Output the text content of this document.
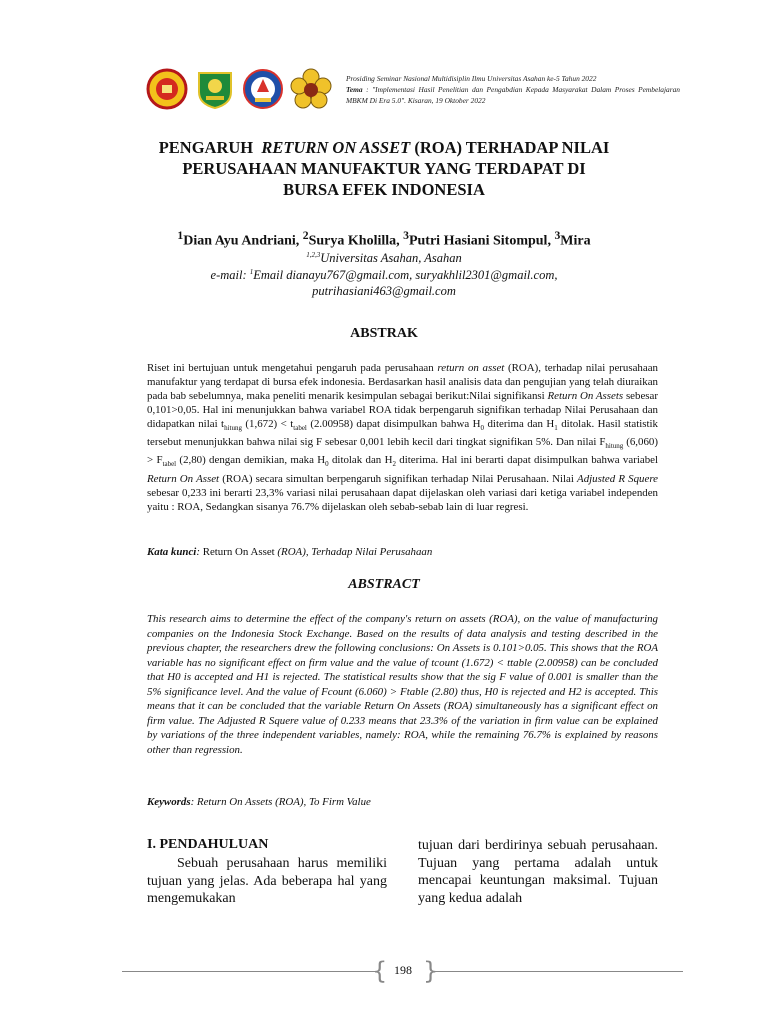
Prosiding Seminar Nasional Multidisiplin Ilmu Universitas Asahan ke-5 Tahun 2022
Tema : "Implementasi Hasil Penelitian dan Pengabdian Kepada Masyarakat Dalam Proses Pembelajaran MBKM Di Era 5.0". Kisaran, 19 Oktober 2022
PENGARUH RETURN ON ASSET (ROA) TERHADAP NILAI
PERUSAHAAN MANUFAKTUR YANG TERDAPAT DI
BURSA EFEK INDONESIA
$^1$Dian Ayu Andriani, $^2$Surya Kholilla, $^3$Putri Hasiani Sitompul, $^3$Mira
$^{1,2,3}$Universitas Asahan, Asahan
e-mail: $^1$Email dianayu767@gmail.com, suryakhlil2301@gmail.com,
putrihasiani463@gmail.com
ABSTRAK
Riset ini bertujuan untuk mengetahui pengaruh pada perusahaan return on asset (ROA), terhadap nilai perusahaan manufaktur yang terdapat di bursa efek indonesia. Berdasarkan hasil analisis data dan pengujian yang telah diuraikan pada bab sebelumnya, maka peneliti menarik kesimpulan sebagai berikut:Nilai signifikansi Return On Assets sebesar 0,101>0,05. Hal ini menunjukkan bahwa variabel ROA tidak berpengaruh signifikan terhadap Nilai Perusahaan dan didapatkan nilai $t_{hitung}$ $(1,672) < t_{tabel}$ (2.00958) dapat disimpulkan bahwa $H_0$ diterima dan $H_1$ ditolak. Hasil statistik tersebut menunjukkan bahwa nilai sig F sebesar 0,001 lebih kecil dari tingkat signifikan 5%. Dan nilai $F_{hitung}$ $(6,060) > F_{tabel}$ (2,80) dengan demikian, maka $H_0$ ditolak dan $H_2$ diterima. Hal ini berarti dapat disimpulkan bahwa variabel Return On Asset (ROA) secara simultan berpengaruh signifikan terhadap Nilai Perusahaan. Nilai Adjusted R Squere sebesar 0,233 ini berarti 23,3% variasi nilai perusahaan dapat dijelaskan oleh variasi dari ketiga variabel independen yaitu : ROA, Sedangkan sisanya 76.7% dijelaskan oleh sebab-sebab lain di luar regresi.
Kata kunci: Return On Asset (ROA), Terhadap Nilai Perusahaan
ABSTRACT
This research aims to determine the effect of the company's return on assets (ROA), on the value of manufacturing companies on the Indonesia Stock Exchange. Based on the results of data analysis and testing described in the previous chapter, the researchers drew the following conclusions: On Assets is 0.101>0.05. This shows that the ROA variable has no significant effect on firm value and the value of tcount (1.672) < ttable (2.00958) can be concluded that H0 is accepted and H1 is rejected. The statistical results show that the sig F value of 0.001 is smaller than the 5% significance level. And the value of Fcount (6.060) > Ftable (2.80) thus, H0 is rejected and H2 is accepted. This means that it can be concluded that the variable Return On Assets (ROA) simultaneously has a significant effect on firm value. The Adjusted R Squere value of 0.233 means that 23.3% of the variation in firm value can be explained by variations of the three independent variables, namely: ROA, while the remaining 76.7% is explained by reasons other than regression.
Keywords: Return On Assets (ROA), To Firm Value
I. PENDAHULUAN
Sebuah perusahaan harus memiliki tujuan yang jelas. Ada beberapa hal yang mengemukakan
tujuan dari berdirinya sebuah perusahaan. Tujuan yang pertama adalah untuk mencapai keuntungan maksimal. Tujuan yang kedua adalah
{ 198 }
